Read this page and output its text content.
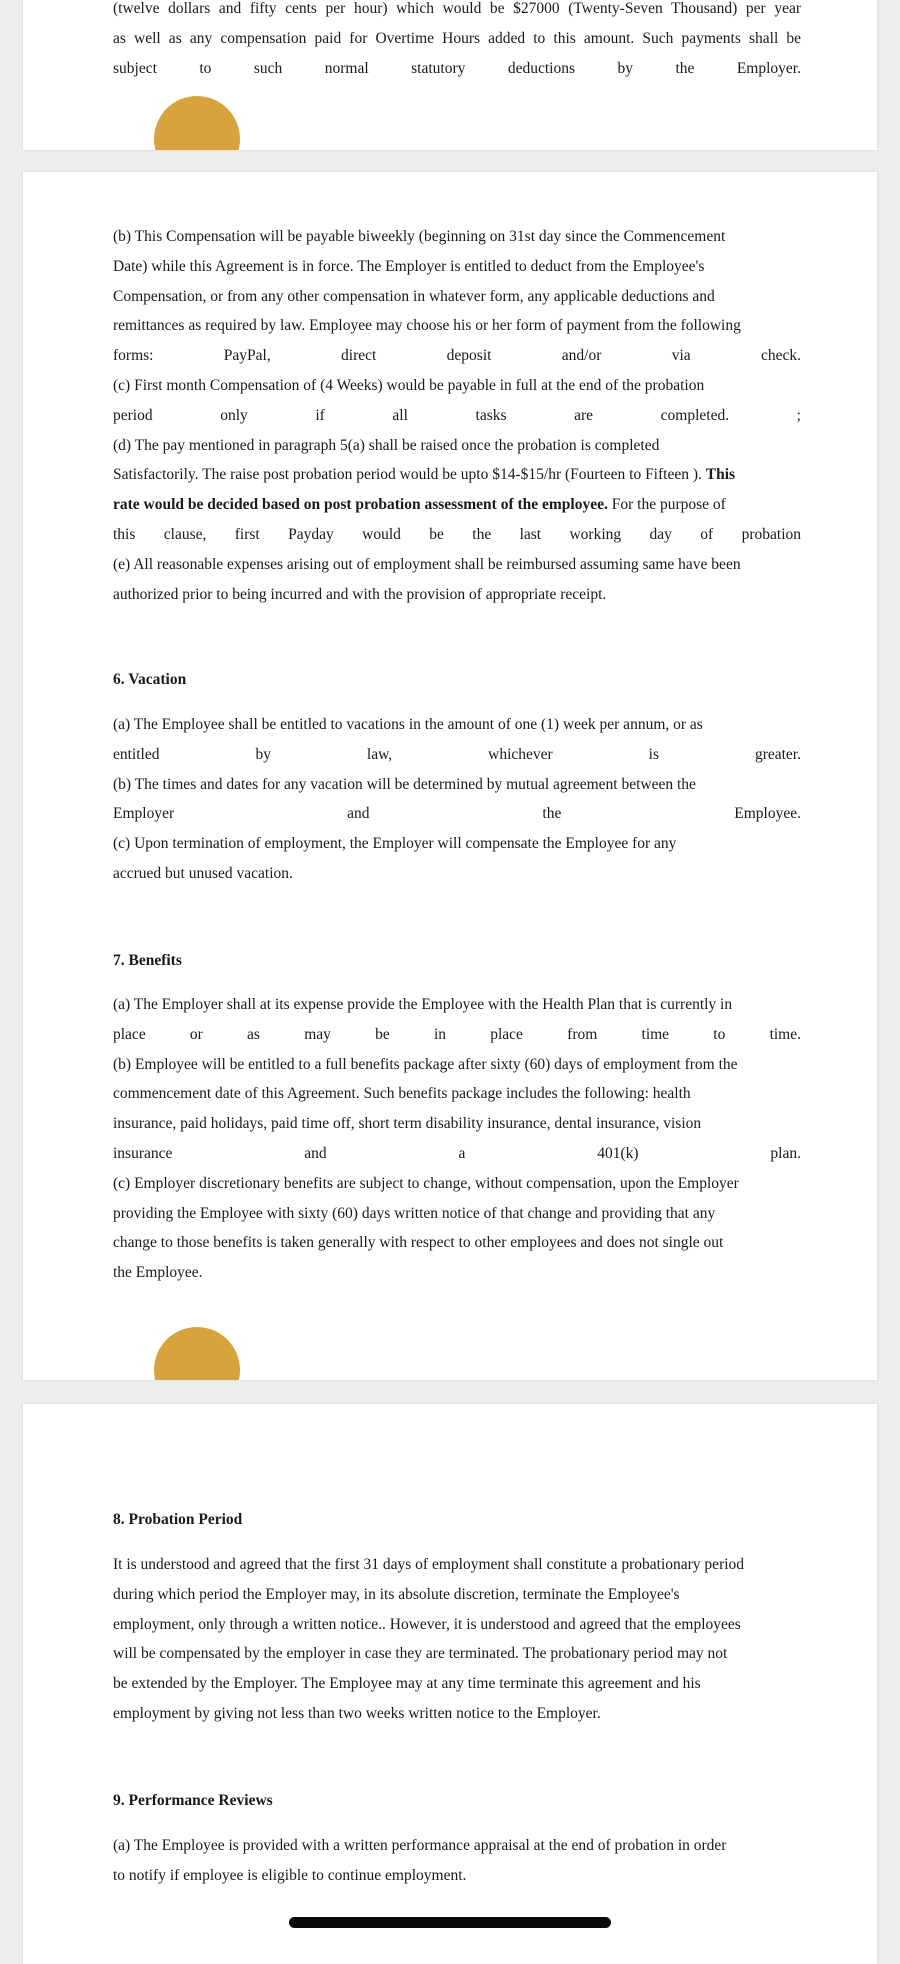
(twelve dollars and fifty cents per hour) which would be $27000 (Twenty-Seven Thousand) per year

as well as any compensation paid for Overtime Hours added to this amount. Such payments shall be

subject to such normal statutory deductions by the Employer.

(b) This Compensation will be payable biweekly (beginning on 31st day since the Commencement

Date) while this Agreement is in force. The Employer is entitled to deduct from the Employee's

Compensation, or from any other compensation in whatever form, any applicable deductions and

remittances as required by law. Employee may choose his or her form of payment from the following

forms: PayPal, direct deposit and/or via check.

(c) First month Compensation of (4 Weeks) would be payable in full at the end of the probation

period only if all tasks are completed. ;

(d) The pay mentioned in paragraph 5(a) shall be raised once the probation is completed

Satisfactorily. The raise post probation period would be upto $14-$15/hr (Fourteen to Fifteen ). This

rate would be decided based on post probation assessment of the employee. For the purpose of

this clause, first Payday would be the last working day of probation

(e) All reasonable expenses arising out of employment shall be reimbursed assuming same have been

authorized prior to being incurred and with the provision of appropriate receipt.

6. Vacation

(a) The Employee shall be entitled to vacations in the amount of one (1) week per annum, or as

entitled by law, whichever is greater.

(b) The times and dates for any vacation will be determined by mutual agreement between the

Employer and the Employee.

(c) Upon termination of employment, the Employer will compensate the Employee for any

accrued but unused vacation.

7. Benefits

(a) The Employer shall at its expense provide the Employee with the Health Plan that is currently in

place or as may be in place from time to time.

(b) Employee will be entitled to a full benefits package after sixty (60) days of employment from the

commencement date of this Agreement. Such benefits package includes the following: health

insurance, paid holidays, paid time off, short term disability insurance, dental insurance, vision

insurance and a 401(k) plan.

(c) Employer discretionary benefits are subject to change, without compensation, upon the Employer

providing the Employee with sixty (60) days written notice of that change and providing that any

change to those benefits is taken generally with respect to other employees and does not single out

the Employee.

8. Probation Period

It is understood and agreed that the first 31 days of employment shall constitute a probationary period

during which period the Employer may, in its absolute discretion, terminate the Employee's

employment, only through a written notice.. However, it is understood and agreed that the employees

will be compensated by the employer in case they are terminated. The probationary period may not

be extended by the Employer. The Employee may at any time terminate this agreement and his

employment by giving not less than two weeks written notice to the Employer.

9. Performance Reviews

(a) The Employee is provided with a written performance appraisal at the end of probation in order

to notify if employee is eligible to continue employment.
